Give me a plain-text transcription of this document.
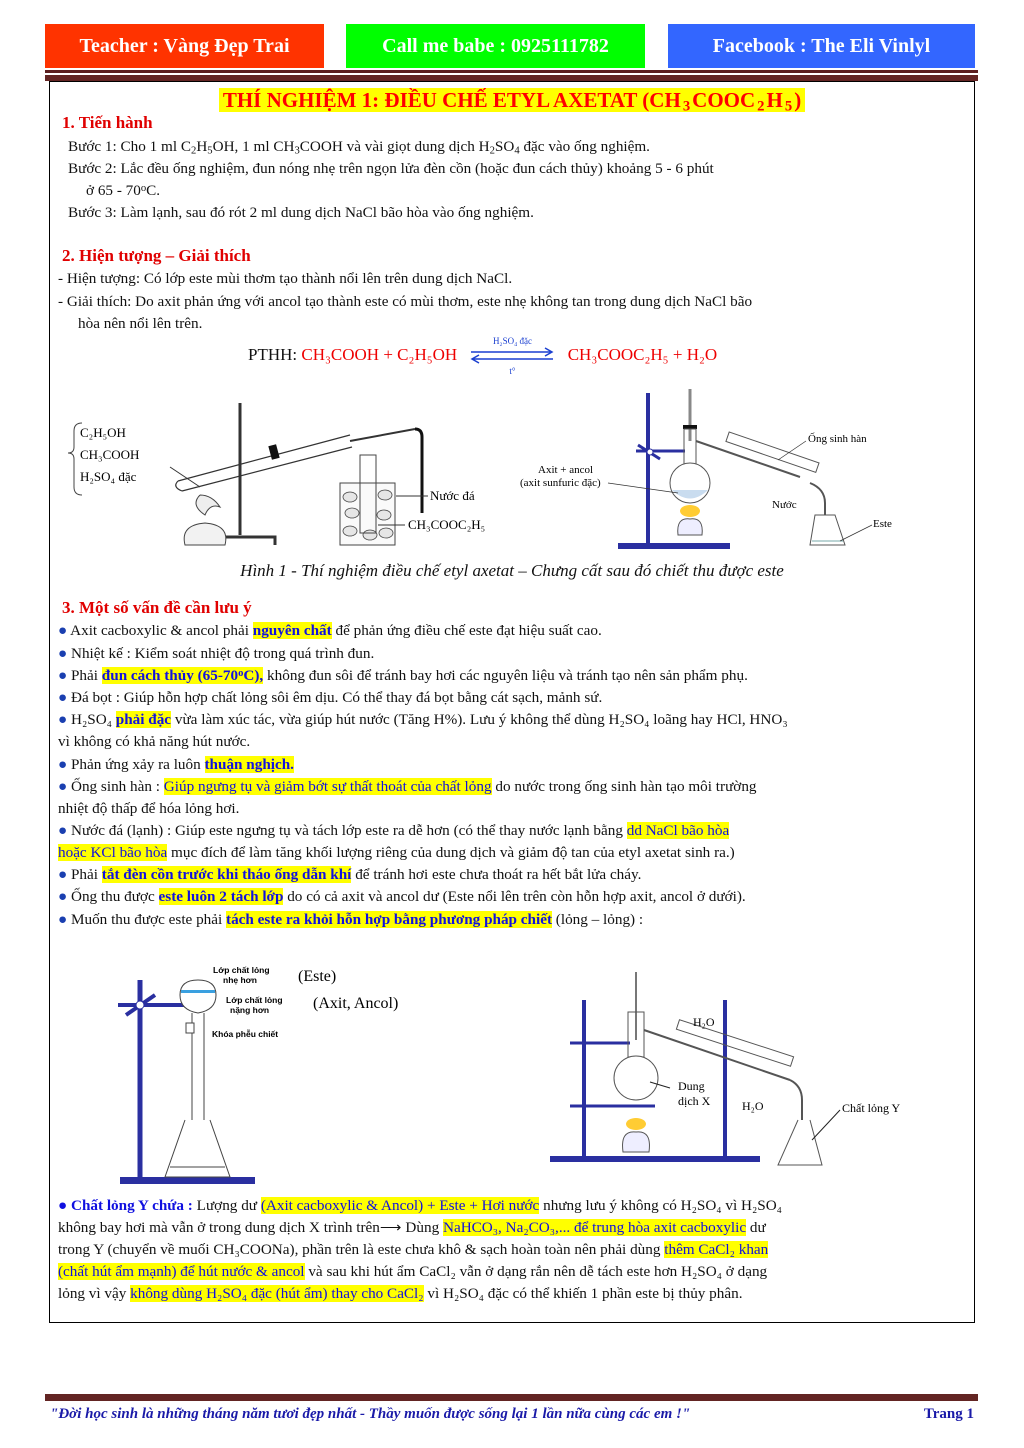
Teacher : Vàng Đẹp Trai	Call me babe : 0925111782	Facebook : The Eli Vinlyl
THÍ NGHIỆM 1: ĐIỀU CHẾ ETYL AXETAT (CH $_3$COOC $_2$H $_5$)
1. Tiến hành
Bước 1: Cho 1 ml $C_2H_5OH$, 1 ml $CH_3COOH$ và vài giọt dung dịch $H_2SO_4$ đặc vào ống nghiệm.
Bước 2: Lắc đều ống nghiệm, đun nóng nhẹ trên ngọn lửa đèn cồn (hoặc đun cách thủy) khoảng 5 - 6 phút
ở 65 - 70$^o$C.
Bước 3: Làm lạnh, sau đó rót 2 ml dung dịch NaCl bão hòa vào ống nghiệm.
2. Hiện tượng – Giải thích
- Hiện tượng: Có lớp este mùi thơm tạo thành nổi lên trên dung dịch NaCl.
- Giải thích: Do axit phản ứng với ancol tạo thành este có mùi thơm, este nhẹ không tan trong dung dịch NaCl bão
hòa nên nổi lên trên.
PTHH: CH₃COOH + C₂H₅OH
H₂SO₄ đặc
t°
CH₃COOC₂H₅ + H₂O
C₂H₅OH
CH₃COOH
H₂SO₄ đặc
Nước đá
CH₃COOC₂H₅
Axit + ancol
(axit sunfuric đặc)
Ống sinh hàn
Nước
Este
Hình 1 - Thí nghiệm điều chế etyl axetat – Chưng cất sau đó chiết thu được este
3. Một số vấn đề cần lưu ý
● Axit cacboxylic & ancol phải nguyên chất để phản ứng điều chế este đạt hiệu suất cao.
● Nhiệt kế : Kiểm soát nhiệt độ trong quá trình đun.
● Phải đun cách thủy (65-70$^o$C), không đun sôi để tránh bay hơi các nguyên liệu và tránh tạo nên sản phẩm phụ.
● Đá bọt : Giúp hỗn hợp chất lỏng sôi êm dịu. Có thể thay đá bọt bằng cát sạch, mảnh sứ.
● H₂SO₄ phải đặc vừa làm xúc tác, vừa giúp hút nước (Tăng H%). Lưu ý không thể dùng H₂SO₄ loãng hay HCl, HNO₃
vì không có khả năng hút nước.
● Phản ứng xảy ra luôn thuận nghịch.
● Ống sinh hàn : Giúp ngưng tụ và giảm bớt sự thất thoát của chất lỏng do nước trong ống sinh hàn tạo môi trường
nhiệt độ thấp để hóa lỏng hơi.
● Nước đá (lạnh) : Giúp este ngưng tụ và tách lớp este ra dễ hơn (có thể thay nước lạnh bằng dd NaCl bão hòa
hoặc KCl bão hòa mục đích để làm tăng khối lượng riêng của dung dịch và giảm độ tan của etyl axetat sinh ra.)
● Phải tắt đèn cồn trước khi tháo ống dẫn khí để tránh hơi este chưa thoát ra hết bắt lửa cháy.
● Ống thu được este luôn 2 tách lớp do có cả axit và ancol dư (Este nổi lên trên còn hỗn hợp axit, ancol ở dưới).
● Muốn thu được este phải tách este ra khỏi hỗn hợp bằng phương pháp chiết (lỏng – lỏng) :
Lớp chất lỏng
nhẹ hơn	(Este)
Lớp chất lỏng
nặng hơn	(Axit, Ancol)
Khóa phễu chiết
H₂O
H₂O
Dung
dịch X	Chất lỏng Y
● Chất lỏng Y chứa : Lượng dư (Axit cacboxylic & Ancol) + Este + Hơi nước nhưng lưu ý không có H₂SO₄ vì H₂SO₄
không bay hơi mà vẫn ở trong dung dịch X trình trên⟶ Dùng NaHCO₃, Na₂CO₃,... để trung hòa axit cacboxylic dư
trong Y (chuyển về muối CH₃COONa), phần trên là este chưa khô & sạch hoàn toàn nên phải dùng thêm CaCl₂ khan
(chất hút ẩm mạnh) để hút nước & ancol và sau khi hút ẩm CaCl₂ vẫn ở dạng rắn nên dễ tách este hơn H₂SO₄ ở dạng
lỏng vì vậy không dùng H₂SO₄ đặc (hút ẩm) thay cho CaCl₂ vì H₂SO₄ đặc có thể khiến 1 phần este bị thủy phân.
"Đời học sinh là những tháng năm tươi đẹp nhất - Thầy muốn được sống lại 1 lần nữa cùng các em !"	Trang 1
